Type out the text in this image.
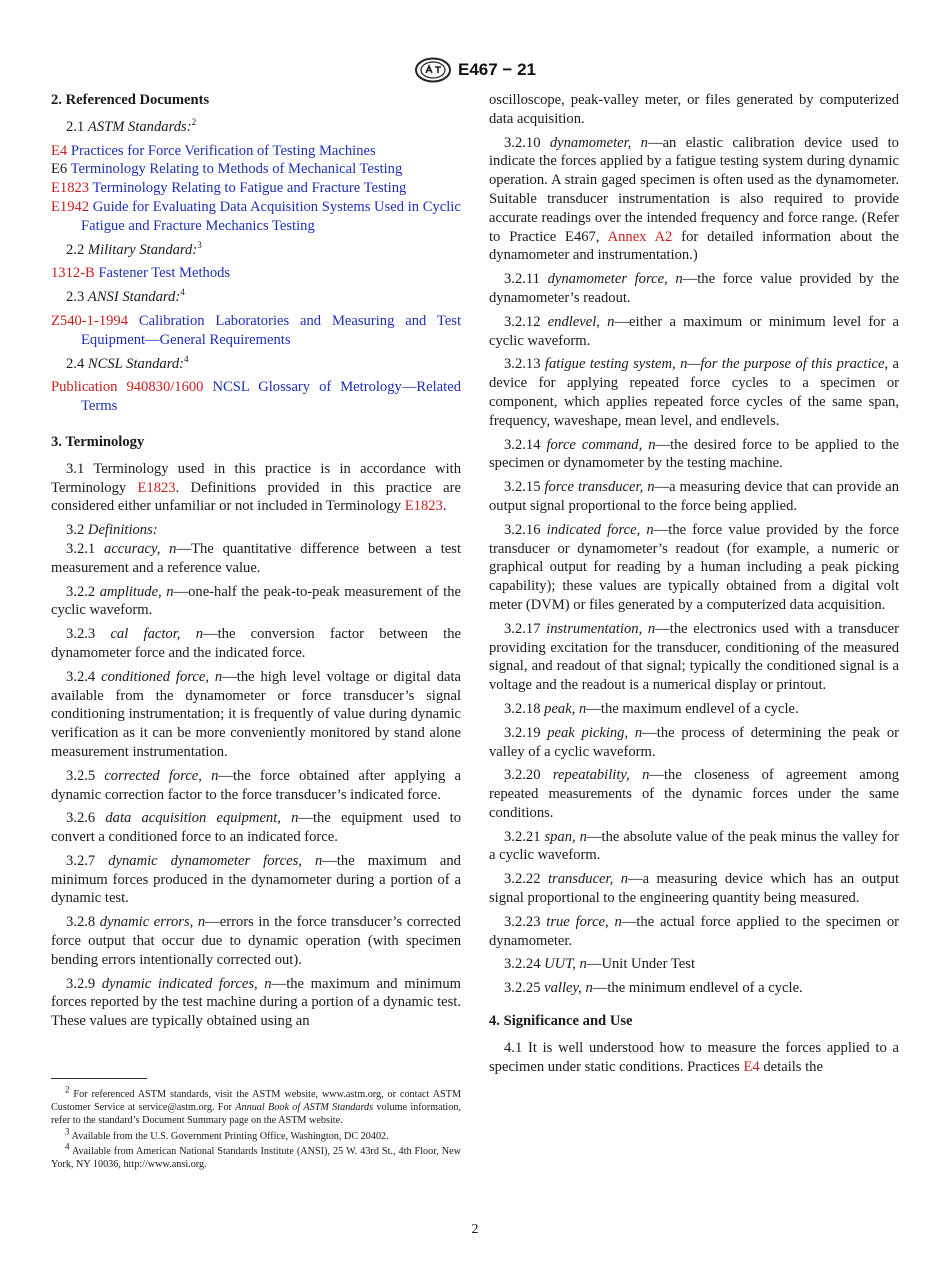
E467 − 21

2. Referenced Documents

2.1 ASTM Standards:$^2$

E4 Practices for Force Verification of Testing Machines

E6 Terminology Relating to Methods of Mechanical Testing

E1823 Terminology Relating to Fatigue and Fracture Testing

E1942 Guide for Evaluating Data Acquisition Systems Used in Cyclic Fatigue and Fracture Mechanics Testing

2.2 Military Standard:$^3$

1312-B Fastener Test Methods

2.3 ANSI Standard:$^4$

Z540-1-1994 Calibration Laboratories and Measuring and Test Equipment—General Requirements

2.4 NCSL Standard:$^4$

Publication 940830/1600 NCSL Glossary of Metrology—Related Terms

3. Terminology

3.1 Terminology used in this practice is in accordance with Terminology E1823. Definitions provided in this practice are considered either unfamiliar or not included in Terminology E1823.

3.2 Definitions:

3.2.1 accuracy, n—The quantitative difference between a test measurement and a reference value.

3.2.2 amplitude, n—one-half the peak-to-peak measurement of the cyclic waveform.

3.2.3 cal factor, n—the conversion factor between the dynamometer force and the indicated force.

3.2.4 conditioned force, n—the high level voltage or digital data available from the dynamometer or force transducer’s signal conditioning instrumentation; it is frequently of value during dynamic verification as it can be more conveniently monitored by stand alone measurement instrumentation.

3.2.5 corrected force, n—the force obtained after applying a dynamic correction factor to the force transducer’s indicated force.

3.2.6 data acquisition equipment, n—the equipment used to convert a conditioned force to an indicated force.

3.2.7 dynamic dynamometer forces, n—the maximum and minimum forces produced in the dynamometer during a portion of a dynamic test.

3.2.8 dynamic errors, n—errors in the force transducer’s corrected force output that occur due to dynamic operation (with specimen bending errors intentionally corrected out).

3.2.9 dynamic indicated forces, n—the maximum and minimum forces reported by the test machine during a portion of a dynamic test. These values are typically obtained using an

oscilloscope, peak-valley meter, or files generated by computerized data acquisition.

3.2.10 dynamometer, n—an elastic calibration device used to indicate the forces applied by a fatigue testing system during dynamic operation. A strain gaged specimen is often used as the dynamometer. Suitable transducer instrumentation is also required to provide accurate readings over the intended frequency and force range. (Refer to Practice E467, Annex A2 for detailed information about the dynamometer and instrumentation.)

3.2.11 dynamometer force, n—the force value provided by the dynamometer’s readout.

3.2.12 endlevel, n—either a maximum or minimum level for a cyclic waveform.

3.2.13 fatigue testing system, n—for the purpose of this practice, a device for applying repeated force cycles to a specimen or component, which applies repeated force cycles of the same span, frequency, waveshape, mean level, and endlevels.

3.2.14 force command, n—the desired force to be applied to the specimen or dynamometer by the testing machine.

3.2.15 force transducer, n—a measuring device that can provide an output signal proportional to the force being applied.

3.2.16 indicated force, n—the force value provided by the force transducer or dynamometer’s readout (for example, a numeric or graphical output for reading by a human including a peak picking capability); these values are typically obtained from a digital volt meter (DVM) or files generated by a computerized data acquisition.

3.2.17 instrumentation, n—the electronics used with a transducer providing excitation for the transducer, conditioning of the measured signal, and readout of that signal; typically the conditioned signal is a voltage and the readout is a numerical display or printout.

3.2.18 peak, n—the maximum endlevel of a cycle.

3.2.19 peak picking, n—the process of determining the peak or valley of a cyclic waveform.

3.2.20 repeatability, n—the closeness of agreement among repeated measurements of the dynamic forces under the same conditions.

3.2.21 span, n—the absolute value of the peak minus the valley for a cyclic waveform.

3.2.22 transducer, n—a measuring device which has an output signal proportional to the engineering quantity being measured.

3.2.23 true force, n—the actual force applied to the specimen or dynamometer.

3.2.24 UUT, n—Unit Under Test

3.2.25 valley, n—the minimum endlevel of a cycle.

4. Significance and Use

4.1 It is well understood how to measure the forces applied to a specimen under static conditions. Practices E4 details the

$^2$ For referenced ASTM standards, visit the ASTM website, www.astm.org, or contact ASTM Customer Service at service@astm.org. For Annual Book of ASTM Standards volume information, refer to the standard’s Document Summary page on the ASTM website.

$^3$ Available from the U.S. Government Printing Office, Washington, DC 20402.

$^4$ Available from American National Standards Institute (ANSI), 25 W. 43rd St., 4th Floor, New York, NY 10036, http://www.ansi.org.

2
